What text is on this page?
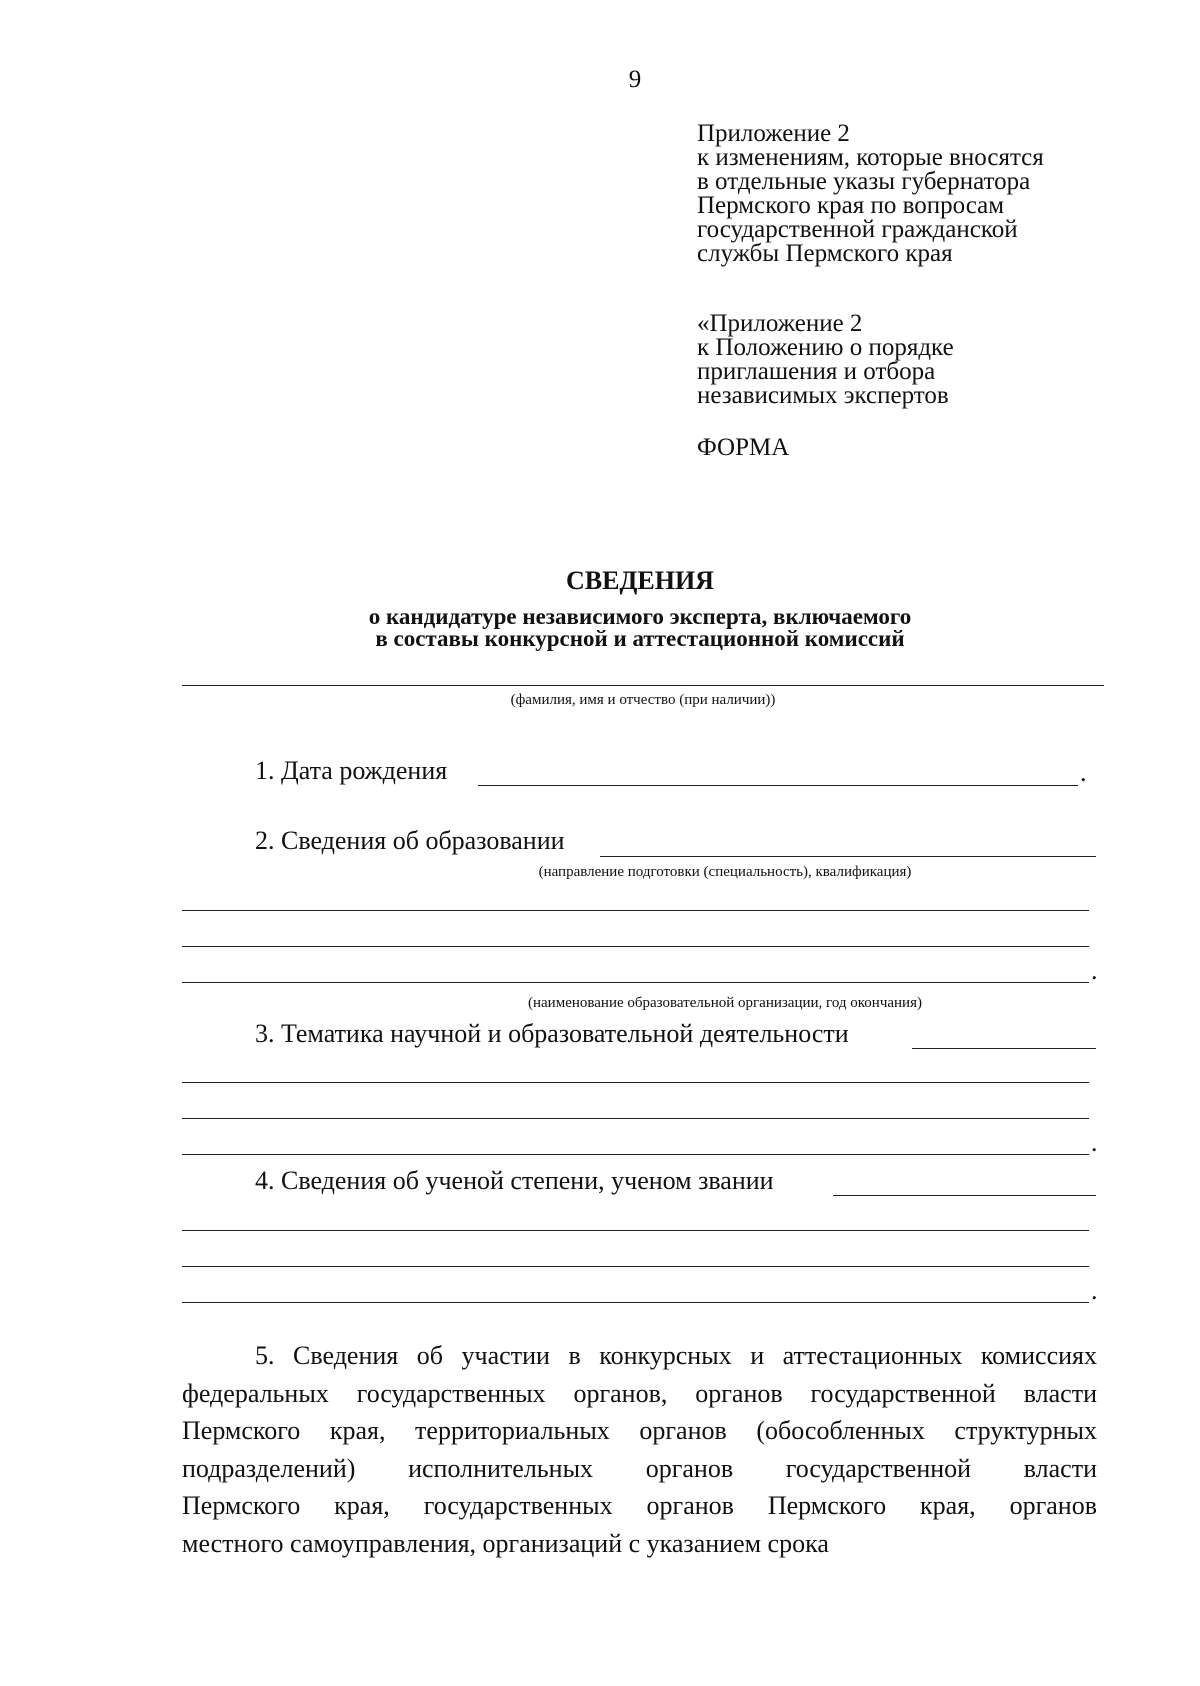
9
Приложение 2
к изменениям, которые вносятся
в отдельные указы губернатора
Пермского края по вопросам
государственной гражданской
службы Пермского края
«Приложение 2
к Положению о порядке
приглашения и отбора
независимых экспертов
ФОРМА
СВЕДЕНИЯ
о кандидатуре независимого эксперта, включаемого
в составы конкурсной и аттестационной комиссий
(фамилия, имя и отчество (при наличии))
1. Дата рождения	.
2. Сведения об образовании
(направление подготовки (специальность), квалификация)
.
(наименование образовательной организации, год окончания)
3. Тематика научной и образовательной деятельности
.
4. Сведения об ученой степени, ученом звании
.
5. Сведения об участии в конкурсных и аттестационных комиссиях
федеральных государственных органов, органов государственной власти
Пермского края, территориальных органов (обособленных структурных
подразделений) исполнительных органов государственной власти
Пермского края, государственных органов Пермского края, органов
местного самоуправления, организаций с указанием срока
